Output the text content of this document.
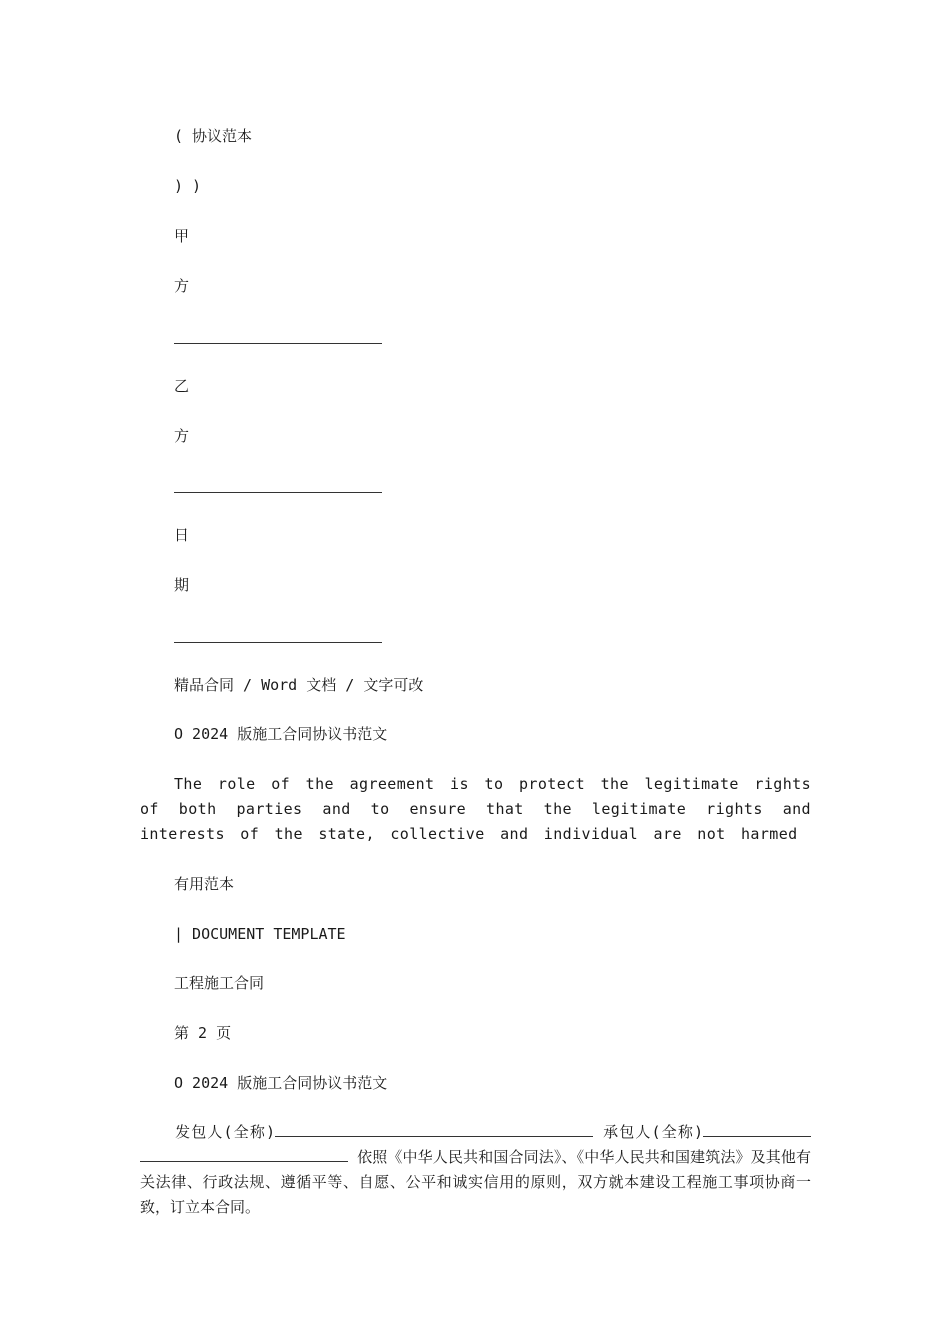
( 协议范本
) )
甲
方
乙
方
日
期
精品合同 / Word 文档 / 文字可改
O 2024 版施工合同协议书范文
The role of the agreement is to protect the legitimate rights of both parties and to ensure that the legitimate rights and interests of the state, collective and individual are not harmed
有用范本
| DOCUMENT TEMPLATE
工程施工合同
第 2 页
O 2024 版施工合同协议书范文
发包人(全称)	承包人(全称)  依照《中华人民共和国合同法》、《中华人民共和国建筑法》及其他有关法律、行政法规、遵循平等、自愿、公平和诚实信用的原则，双方就本建设工程施工事项协商一致，订立本合同。
